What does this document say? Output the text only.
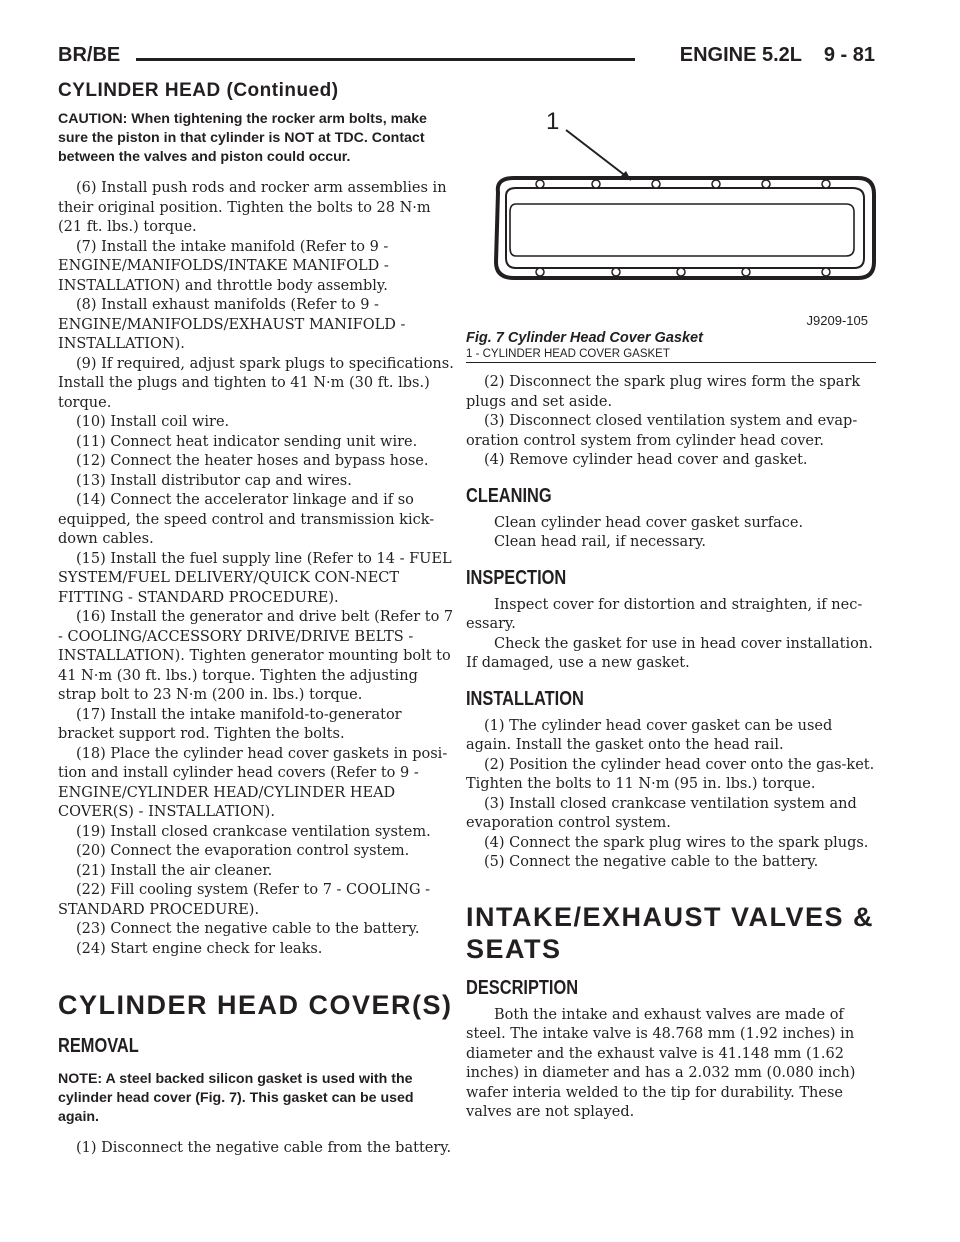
BR/BE	ENGINE 5.2L    9 - 81
CYLINDER HEAD (Continued)

CAUTION: When tightening the rocker arm bolts, make sure the piston in that cylinder is NOT at TDC. Contact between the valves and piston could occur.

(6) Install push rods and rocker arm assemblies in their original position. Tighten the bolts to 28 N·m (21 ft. lbs.) torque.

(7) Install the intake manifold (Refer to 9 - ENGINE/MANIFOLDS/INTAKE MANIFOLD - INSTALLATION) and throttle body assembly.

(8) Install exhaust manifolds (Refer to 9 - ENGINE/MANIFOLDS/EXHAUST MANIFOLD - INSTALLATION).

(9) If required, adjust spark plugs to specifications. Install the plugs and tighten to 41 N·m (30 ft. lbs.) torque.

(10) Install coil wire.

(11) Connect heat indicator sending unit wire.

(12) Connect the heater hoses and bypass hose.

(13) Install distributor cap and wires.

(14) Connect the accelerator linkage and if so equipped, the speed control and transmission kick-down cables.

(15) Install the fuel supply line (Refer to 14 - FUEL SYSTEM/FUEL DELIVERY/QUICK CON-NECT FITTING - STANDARD PROCEDURE).

(16) Install the generator and drive belt (Refer to 7 - COOLING/ACCESSORY DRIVE/DRIVE BELTS - INSTALLATION). Tighten generator mounting bolt to 41 N·m (30 ft. lbs.) torque. Tighten the adjusting strap bolt to 23 N·m (200 in. lbs.) torque.

(17) Install the intake manifold-to-generator bracket support rod. Tighten the bolts.

(18) Place the cylinder head cover gaskets in posi-tion and install cylinder head covers (Refer to 9 - ENGINE/CYLINDER HEAD/CYLINDER HEAD COVER(S) - INSTALLATION).

(19) Install closed crankcase ventilation system.

(20) Connect the evaporation control system.

(21) Install the air cleaner.

(22) Fill cooling system (Refer to 7 - COOLING - STANDARD PROCEDURE).

(23) Connect the negative cable to the battery.

(24) Start engine check for leaks.

CYLINDER HEAD COVER(S)
REMOVAL

NOTE: A steel backed silicon gasket is used with the cylinder head cover (Fig. 7). This gasket can be used again.

(1) Disconnect the negative cable from the battery.

1
J9209-105

Fig. 7 Cylinder Head Cover Gasket

1 - CYLINDER HEAD COVER GASKET

(2) Disconnect the spark plug wires form the spark plugs and set aside.

(3) Disconnect closed ventilation system and evap-oration control system from cylinder head cover.

(4) Remove cylinder head cover and gasket.

CLEANING

Clean cylinder head cover gasket surface.

Clean head rail, if necessary.

INSPECTION

Inspect cover for distortion and straighten, if nec-essary.

Check the gasket for use in head cover installation. If damaged, use a new gasket.

INSTALLATION

(1) The cylinder head cover gasket can be used again. Install the gasket onto the head rail.

(2) Position the cylinder head cover onto the gas-ket. Tighten the bolts to 11 N·m (95 in. lbs.) torque.

(3) Install closed crankcase ventilation system and evaporation control system.

(4) Connect the spark plug wires to the spark plugs.

(5) Connect the negative cable to the battery.

INTAKE/EXHAUST VALVES & SEATS
DESCRIPTION

Both the intake and exhaust valves are made of steel. The intake valve is 48.768 mm (1.92 inches) in diameter and the exhaust valve is 41.148 mm (1.62 inches) in diameter and has a 2.032 mm (0.080 inch) wafer interia welded to the tip for durability. These valves are not splayed.
